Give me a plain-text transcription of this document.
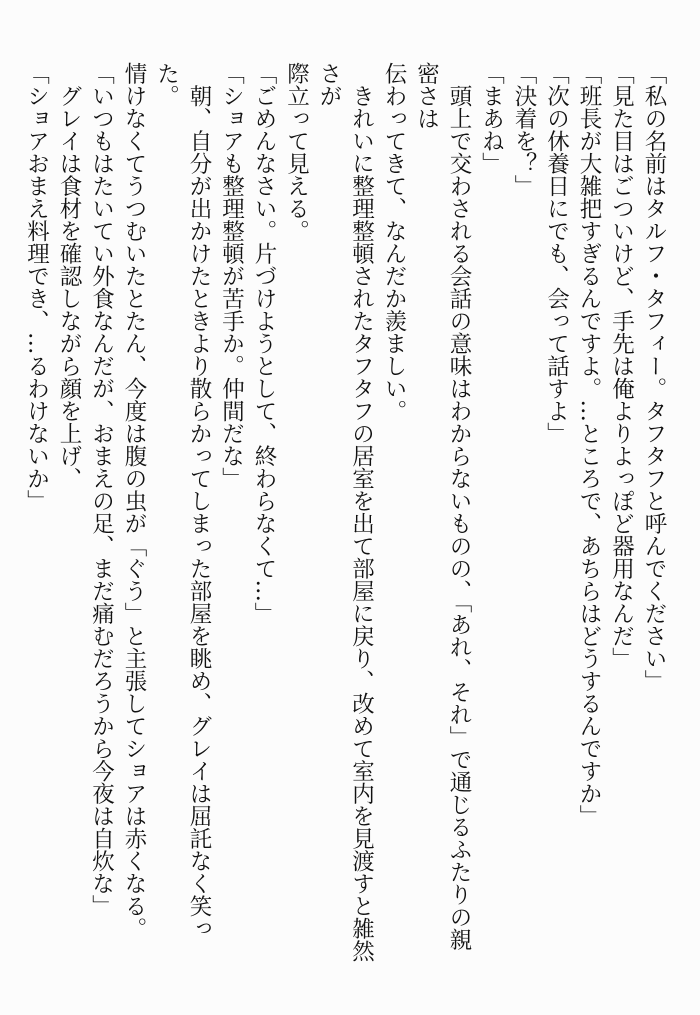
「私の名前はタルフ・タフィー。タフタフと呼んでください」

「見た目はごついけど、手先は俺よりよっぽど器用なんだ」

「班長が大雑把すぎるんですよ。…ところで、あちらはどうするんですか」

「次の休養日にでも、会って話すよ」

「決着を？」

「まあね」

　頭上で交わされる会話の意味はわからないものの、「あれ、それ」で通じるふたりの親密さは

伝わってきて、なんだか羨ましい。

　きれいに整理整頓されたタフタフの居室を出て部屋に戻り、改めて室内を見渡すと雑然さが

際立って見える。

「ごめんなさい。片づけようとして、終わらなくて…」

「ショアも整理整頓が苦手か。仲間だな」

　朝、自分が出かけたときより散らかってしまった部屋を眺め、グレイは屈託なく笑った。

情けなくてうつむいたとたん、今度は腹の虫が「ぐう」と主張してショアは赤くなる。

「いつもはたいてい外食なんだが、おまえの足、まだ痛むだろうから今夜は自炊な」

　グレイは食材を確認しながら顔を上げ、

「ショアおまえ料理でき、…るわけないか」
